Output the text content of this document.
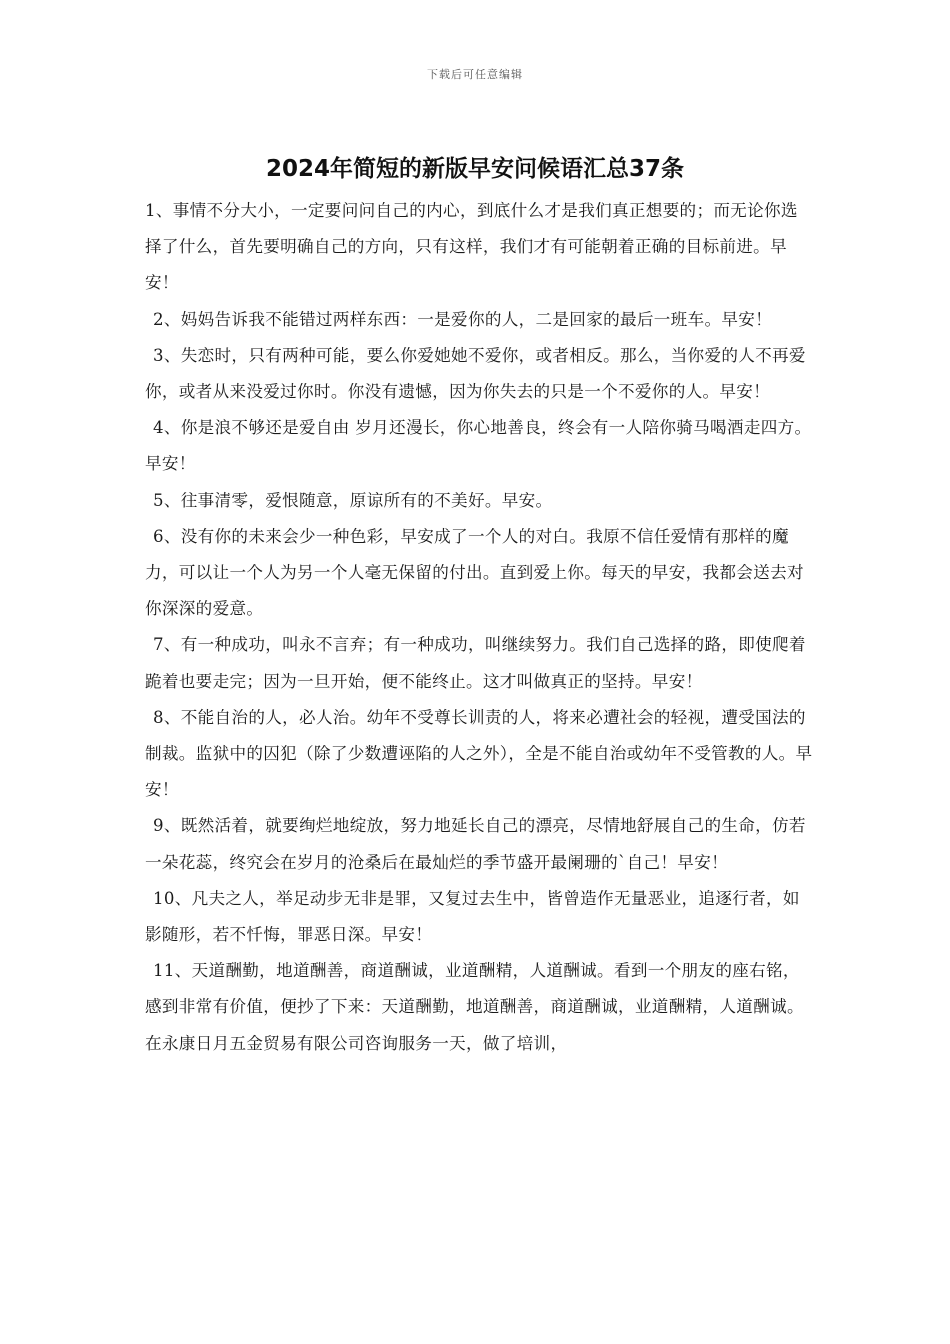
下载后可任意编辑
2024年简短的新版早安问候语汇总37条

1、事情不分大小，一定要问问自己的内心，到底什么才是我们真正想要的；而无论你选择了什么，首先要明确自己的方向，只有这样，我们才有可能朝着正确的目标前进。早安！

2、妈妈告诉我不能错过两样东西：一是爱你的人，二是回家的最后一班车。早安！

3、失恋时，只有两种可能，要么你爱她她不爱你，或者相反。那么，当你爱的人不再爱你，或者从来没爱过你时。你没有遗憾，因为你失去的只是一个不爱你的人。早安！

4、你是浪不够还是爱自由 岁月还漫长，你心地善良，终会有一人陪你骑马喝酒走四方。早安！

5、往事清零，爱恨随意，原谅所有的不美好。早安。

6、没有你的未来会少一种色彩，早安成了一个人的对白。我原不信任爱情有那样的魔力，可以让一个人为另一个人毫无保留的付出。直到爱上你。每天的早安，我都会送去对你深深的爱意。

7、有一种成功，叫永不言弃；有一种成功，叫继续努力。我们自己选择的路，即使爬着跪着也要走完；因为一旦开始，便不能终止。这才叫做真正的坚持。早安！

8、不能自治的人，必人治。幼年不受尊长训责的人，将来必遭社会的轻视，遭受国法的制裁。监狱中的囚犯（除了少数遭诬陷的人之外），全是不能自治或幼年不受管教的人。早安！

9、既然活着，就要绚烂地绽放，努力地延长自己的漂亮，尽情地舒展自己的生命，仿若一朵花蕊，终究会在岁月的沧桑后在最灿烂的季节盛开最阑珊的`自己！早安！

10、凡夫之人，举足动步无非是罪，又复过去生中，皆曾造作无量恶业，追逐行者，如影随形，若不忏悔，罪恶日深。早安！

11、天道酬勤，地道酬善，商道酬诚，业道酬精，人道酬诚。看到一个朋友的座右铭，感到非常有价值，便抄了下来：天道酬勤，地道酬善，商道酬诚，业道酬精，人道酬诚。在永康日月五金贸易有限公司咨询服务一天，做了培训，
